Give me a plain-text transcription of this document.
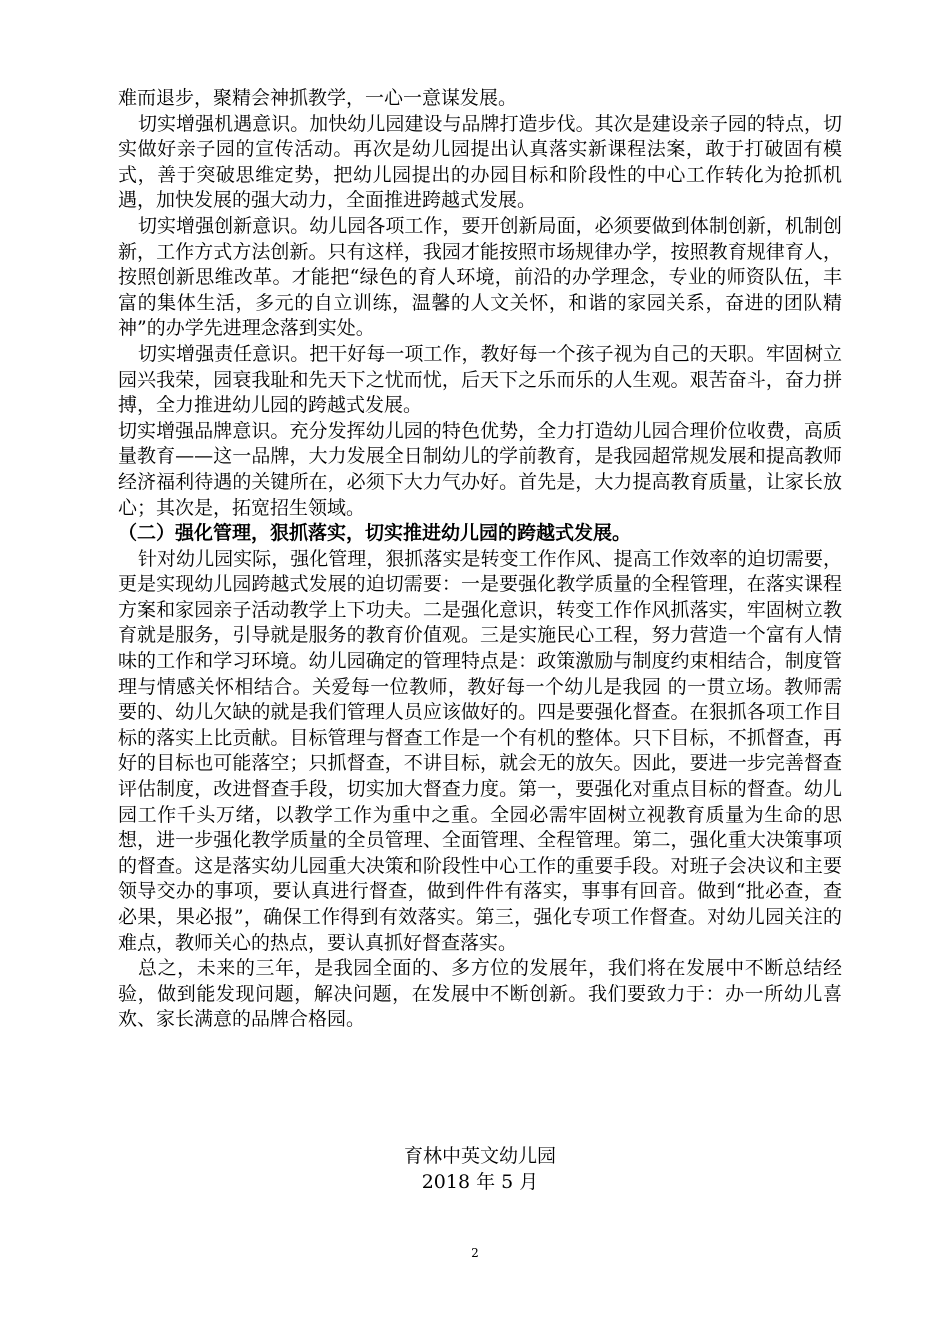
难而退步，聚精会神抓教学，一心一意谋发展。

切实增强机遇意识。加快幼儿园建设与品牌打造步伐。其次是建设亲子园的特点，切实做好亲子园的宣传活动。再次是幼儿园提出认真落实新课程法案，敢于打破固有模式，善于突破思维定势，把幼儿园提出的办园目标和阶段性的中心工作转化为抢抓机遇，加快发展的强大动力，全面推进跨越式发展。

切实增强创新意识。幼儿园各项工作，要开创新局面，必须要做到体制创新，机制创新，工作方式方法创新。只有这样，我园才能按照市场规律办学，按照教育规律育人，按照创新思维改革。才能把“绿色的育人环境，前沿的办学理念，专业的师资队伍，丰富的集体生活，多元的自立训练，温馨的人文关怀，和谐的家园关系，奋进的团队精神”的办学先进理念落到实处。

切实增强责任意识。把干好每一项工作，教好每一个孩子视为自己的天职。牢固树立园兴我荣，园衰我耻和先天下之忧而忧，后天下之乐而乐的人生观。艰苦奋斗，奋力拼搏，全力推进幼儿园的跨越式发展。

切实增强品牌意识。充分发挥幼儿园的特色优势，全力打造幼儿园合理价位收费，高质量教育——这一品牌，大力发展全日制幼儿的学前教育，是我园超常规发展和提高教师经济福利待遇的关键所在，必须下大力气办好。首先是，大力提高教育质量，让家长放心；其次是，拓宽招生领域。

（二）强化管理，狠抓落实，切实推进幼儿园的跨越式发展。

针对幼儿园实际，强化管理，狠抓落实是转变工作作风、提高工作效率的迫切需要，更是实现幼儿园跨越式发展的迫切需要：一是要强化教学质量的全程管理，在落实课程方案和家园亲子活动教学上下功夫。二是强化意识，转变工作作风抓落实，牢固树立教育就是服务，引导就是服务的教育价值观。三是实施民心工程，努力营造一个富有人情味的工作和学习环境。幼儿园确定的管理特点是：政策激励与制度约束相结合，制度管理与情感关怀相结合。关爱每一位教师，教好每一个幼儿是我园 的一贯立场。教师需要的、幼儿欠缺的就是我们管理人员应该做好的。四是要强化督查。在狠抓各项工作目标的落实上比贡献。目标管理与督查工作是一个有机的整体。只下目标，不抓督查，再好的目标也可能落空；只抓督查，不讲目标，就会无的放矢。因此，要进一步完善督查评估制度，改进督查手段，切实加大督查力度。第一，要强化对重点目标的督查。幼儿园工作千头万绪，以教学工作为重中之重。全园必需牢固树立视教育质量为生命的思想，进一步强化教学质量的全员管理、全面管理、全程管理。第二，强化重大决策事项的督查。这是落实幼儿园重大决策和阶段性中心工作的重要手段。对班子会决议和主要领导交办的事项，要认真进行督查，做到件件有落实，事事有回音。做到“批必查，查必果，果必报”，确保工作得到有效落实。第三，强化专项工作督查。对幼儿园关注的难点，教师关心的热点，要认真抓好督查落实。

总之，未来的三年，是我园全面的、多方位的发展年，我们将在发展中不断总结经验，做到能发现问题，解决问题，在发展中不断创新。我们要致力于：办一所幼儿喜欢、家长满意的品牌合格园。

育林中英文幼儿园
2018 年 5 月
2
